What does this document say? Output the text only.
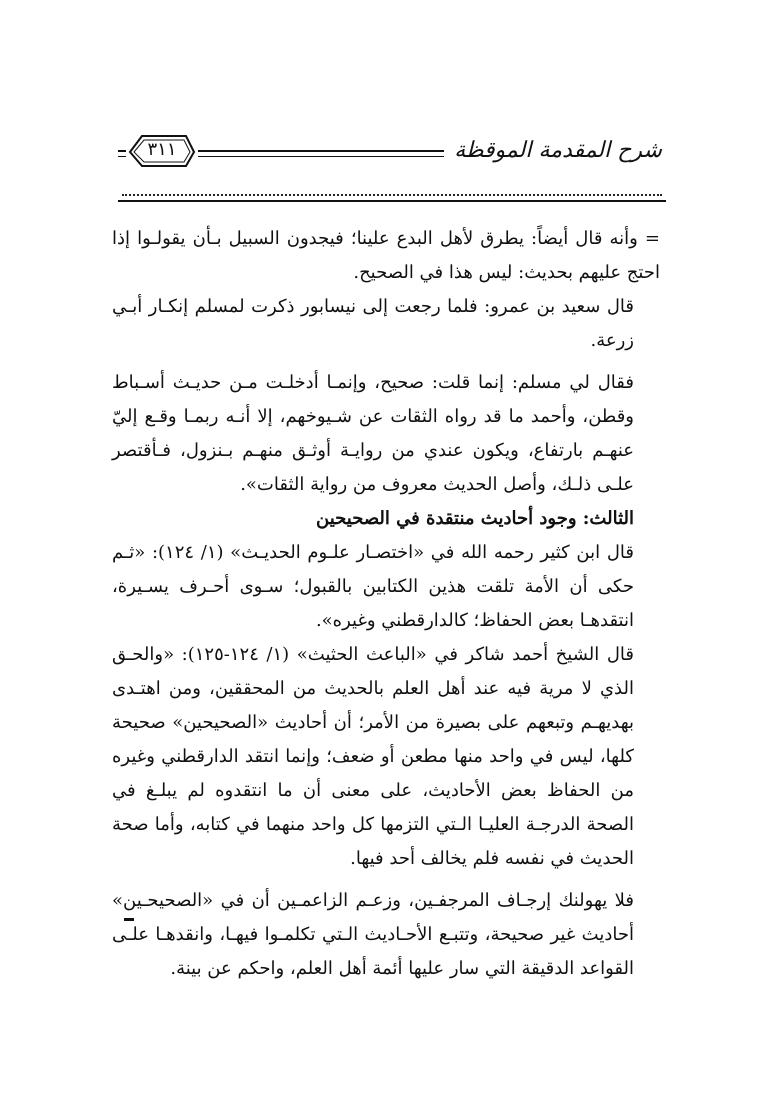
شرح المقدمة الموقظة
٣١١

= وأنه قال أيضاً: يطرق لأهل البدع علينا؛ فيجدون السبيل بـأن يقولـوا إذا احتج عليهم بحديث: ليس هذا في الصحيح.

قال سعيد بن عمرو: فلما رجعت إلى نيسابور ذكرت لمسلم إنكـار أبـي زرعة.

فقال لي مسلم: إنما قلت: صحيح، وإنمـا أدخلـت مـن حديـث أسـباط وقطن، وأحمد ما قد رواه الثقات عن شـيوخهم، إلا أنـه ربمـا وقـع إليّ عنهـم بارتفاع، ويكون عندي من روايـة أوثـق منهـم بـنزول، فـأقتصر علـى ذلـك، وأصل الحديث معروف من رواية الثقات».

الثالث: وجود أحاديث منتقدة في الصحيحين

قال ابن كثير رحمه الله في «اختصـار علـوم الحديـث» (١/ ١٢٤): «ثـم حكى أن الأمة تلقت هذين الكتابين بالقبول؛ سـوى أحـرف يسـيرة، انتقدهـا بعض الحفاظ؛ كالدارقطني وغيره».

قال الشيخ أحمد شاكر في «الباعث الحثيث» (١/ ١٢٤-١٢٥): «والحـق الذي لا مرية فيه عند أهل العلم بالحديث من المحققين، ومن اهتـدى بهديهـم وتبعهم على بصيرة من الأمر؛ أن أحاديث «الصحيحين» صحيحة كلها، ليس في واحد منها مطعن أو ضعف؛ وإنما انتقد الدارقطني وغيره من الحفاظ بعض الأحاديث، على معنى أن ما انتقدوه لم يبلـغ في الصحة الدرجـة العليـا الـتي التزمها كل واحد منهما في كتابه، وأما صحة الحديث في نفسه فلم يخالف أحد فيها.

فلا يهولنك إرجـاف المرجفـين، وزعـم الزاعمـين أن في «الصحيحـين» أحاديث غير صحيحة، وتتبـع الأحـاديث الـتي تكلمـوا فيهـا، وانقدهـا علـى القواعد الدقيقة التي سار عليها أئمة أهل العلم، واحكم عن بينة.
